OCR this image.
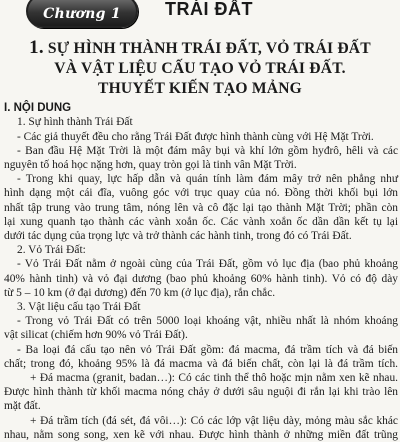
Chương 1	TRÁI ĐẤT
1. SỰ HÌNH THÀNH TRÁI ĐẤT, VỎ TRÁI ĐẤT
VÀ VẬT LIỆU CẤU TẠO VỎ TRÁI ĐẤT.
THUYẾT KIẾN TẠO MẢNG

I. NỘI DUNG

1. Sự hình thành Trái Đất

- Các giả thuyết đều cho rằng Trái Đất được hình thành cùng với Hệ Mặt Trời.

- Ban đầu Hệ Mặt Trời là một đám mây bụi và khí lớn gồm hyđrô, hêli và các

nguyên tố hoá học nặng hơn, quay tròn gọi là tinh vân Mặt Trời.

- Trong khi quay, lực hấp dẫn và quán tính làm đám mây trở nên phẳng như

hình dạng một cái đĩa, vuông góc với trục quay của nó. Đồng thời khối bụi lớn

nhất tập trung vào trung tâm, nóng lên và cô đặc lại tạo thành Mặt Trời; phần còn

lại xung quanh tạo thành các vành xoắn ốc. Các vành xoắn ốc dần dần kết tụ lại

dưới tác dụng của trọng lực và trở thành các hành tinh, trong đó có Trái Đất.

2. Vỏ Trái Đất:

- Vỏ Trái Đất nằm ở ngoài cùng của Trái Đất, gồm vỏ lục địa (bao phủ khoảng

40% hành tinh) và vỏ đại dương (bao phủ khoảng 60% hành tinh). Vỏ có độ dày

từ 5 – 10 km (ở đại dương) đến 70 km (ở lục địa), rắn chắc.

3. Vật liệu cấu tạo Trái Đất

- Trong vỏ Trái Đất có trên 5000 loại khoáng vật, nhiều nhất là nhóm khoáng

vật silicat (chiếm hơn 90% vỏ Trái Đất).

- Ba loại đá cấu tạo nên vỏ Trái Đất gồm: đá macma, đá trầm tích và đá biến

chất; trong đó, khoảng 95% là đá macma và đá biến chất, còn lại là đá trầm tích.

+ Đá macma (granit, badan…): Có các tinh thể thô hoặc mịn nằm xen kẽ nhau.

Được hình thành từ khối macma nóng chảy ở dưới sâu nguội đi rắn lại khi trào lên

mặt đất.

+ Đá trầm tích (đá sét, đá vôi…): Có các lớp vật liệu dày, mỏng màu sắc khác

nhau, nằm song song, xen kẽ với nhau. Được hình thành ở những miền đất trũng
